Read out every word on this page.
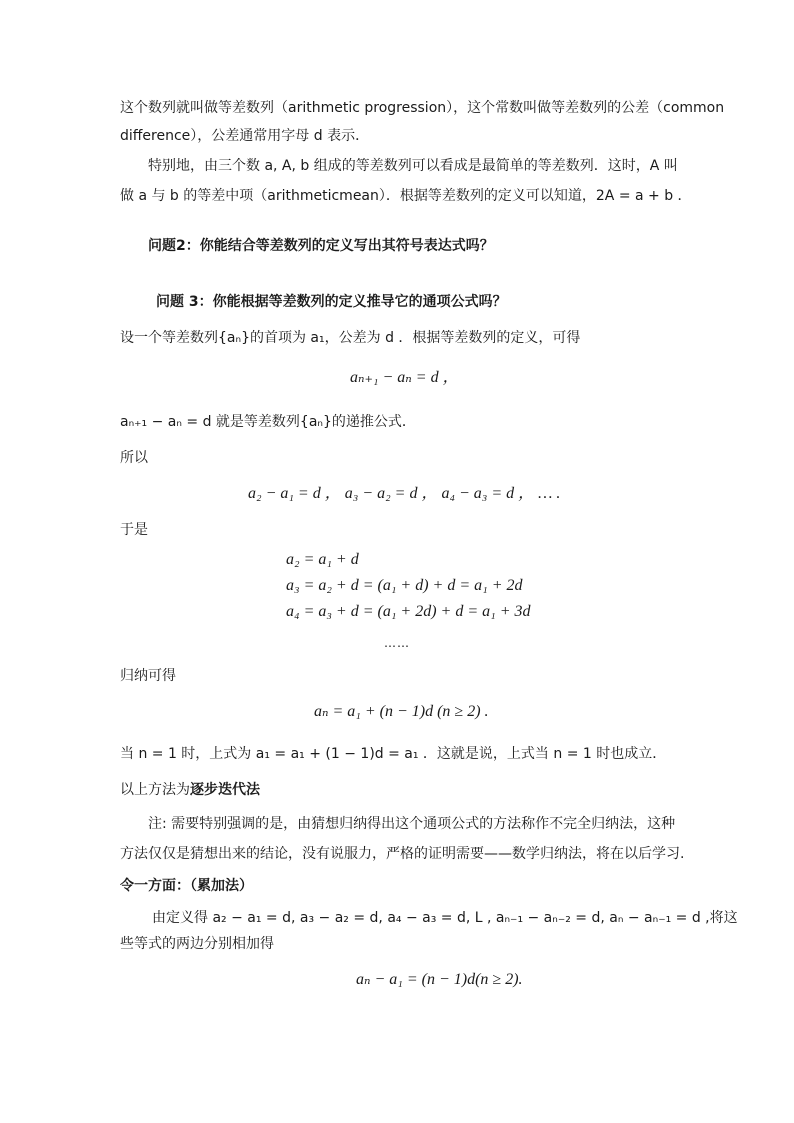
这个数列就叫做等差数列（arithmetic progression），这个常数叫做等差数列的公差（common
difference），公差通常用字母 d 表示．
特别地，由三个数 a, A, b 组成的等差数列可以看成是最简单的等差数列．这时，A 叫
做 a 与 b 的等差中项（arithmeticmean）．根据等差数列的定义可以知道，2A = a + b ．
问题2：你能结合等差数列的定义写出其符号表达式吗？
问题 3：你能根据等差数列的定义推导它的通项公式吗？
设一个等差数列{aₙ}的首项为 a₁，公差为 d ．根据等差数列的定义，可得
aₙ₊₁ − aₙ = d ，
aₙ₊₁ − aₙ = d 就是等差数列{aₙ}的递推公式．
所以
a₂ − a₁ = d ， a₃ − a₂ = d ， a₄ − a₃ = d ， … .
于是
a₂ = a₁ + d
a₃ = a₂ + d = (a₁ + d) + d = a₁ + 2d
a₄ = a₃ + d = (a₁ + 2d) + d = a₁ + 3d
……
归纳可得
aₙ = a₁ + (n − 1)d (n ≥ 2) .
当 n = 1 时，上式为 a₁ = a₁ + (1 − 1)d = a₁ ．这就是说，上式当 n = 1 时也成立．
以上方法为逐步迭代法
注: 需要特别强调的是，由猜想归纳得出这个通项公式的方法称作不完全归纳法，这种
方法仅仅是猜想出来的结论，没有说服力，严格的证明需要——数学归纳法，将在以后学习.
令一方面：（累加法）
由定义得 a₂ − a₁ = d, a₃ − a₂ = d, a₄ − a₃ = d, L , aₙ₋₁ − aₙ₋₂ = d, aₙ − aₙ₋₁ = d ,将这
些等式的两边分别相加得
aₙ − a₁ = (n − 1)d(n ≥ 2).
